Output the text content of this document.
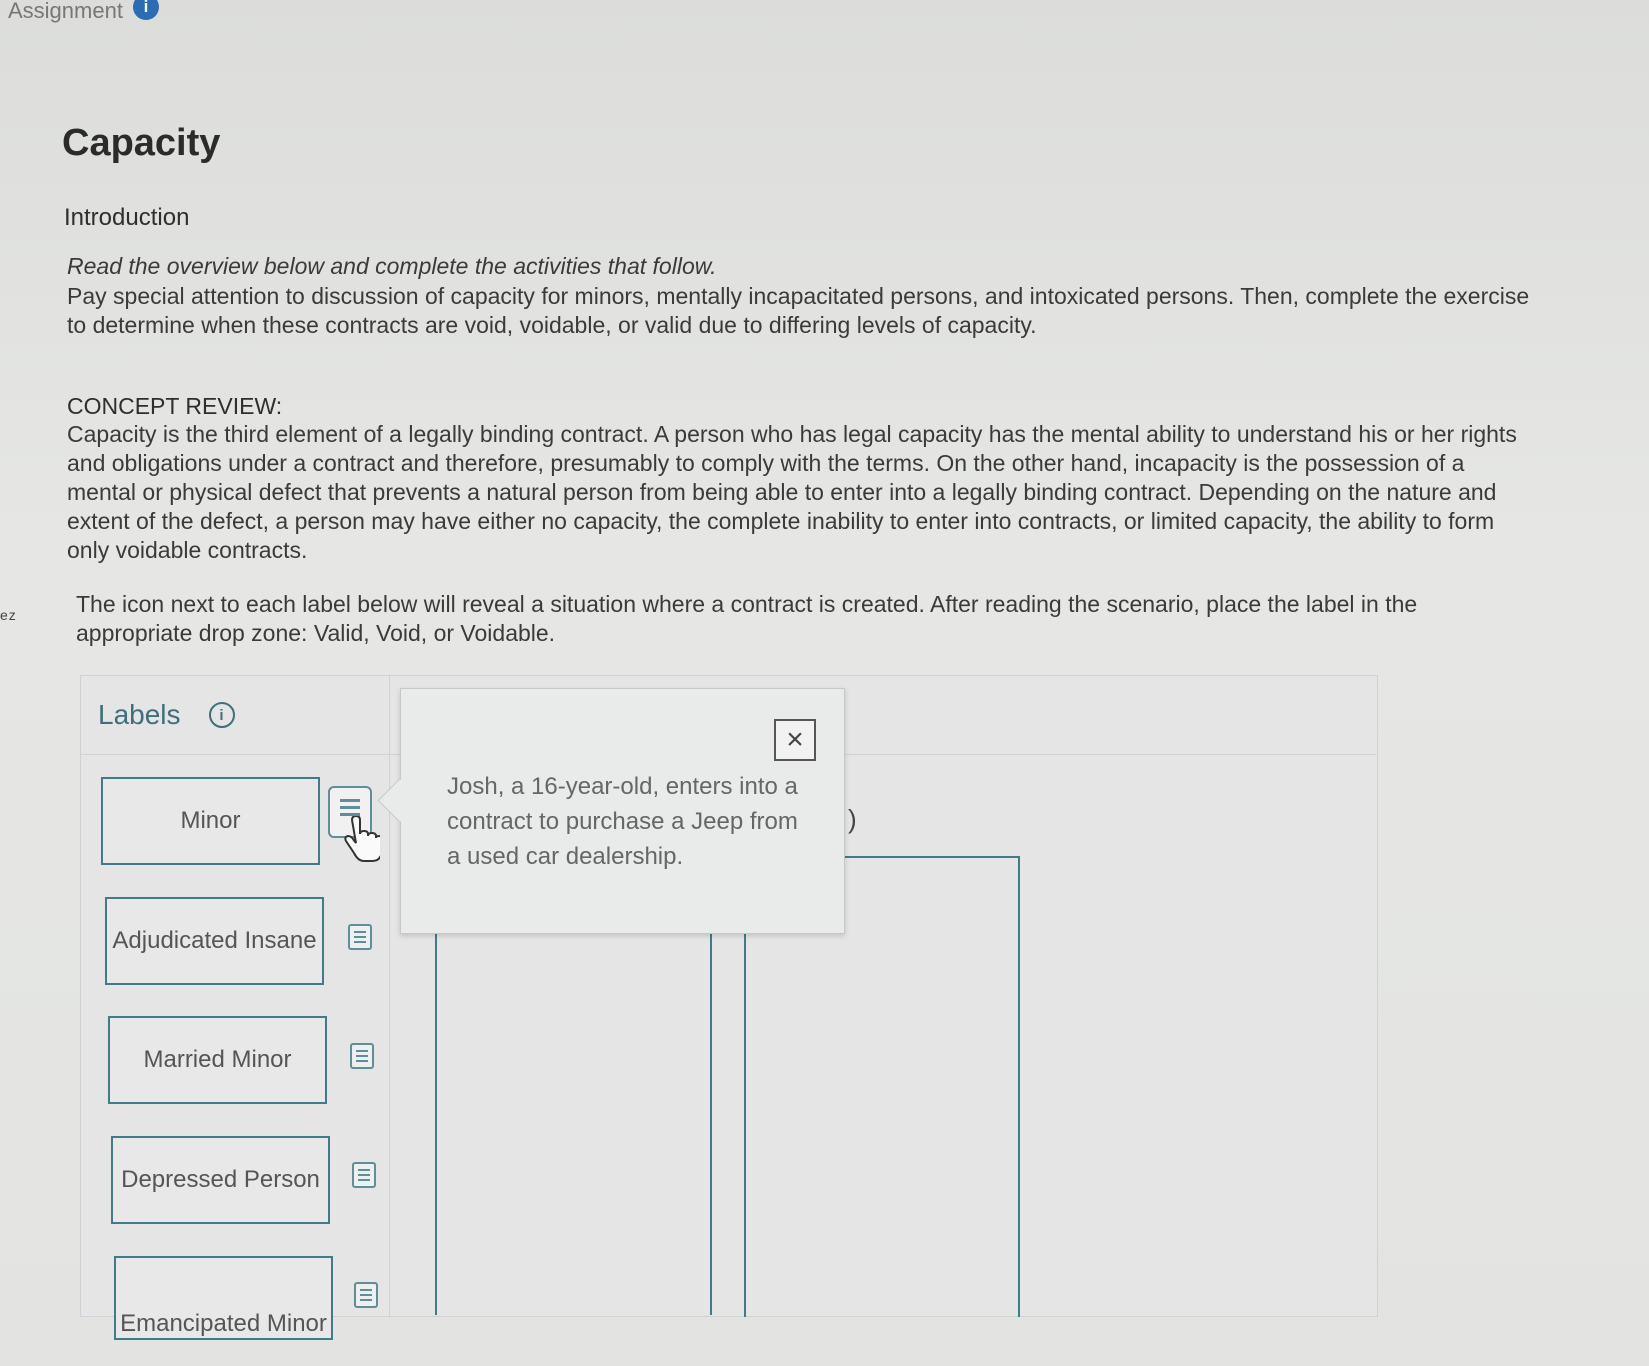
Assignment	i
ez
Capacity
Introduction
Read the overview below and complete the activities that follow.
Pay special attention to discussion of capacity for minors, mentally incapacitated persons, and intoxicated persons. Then, complete the exercise to determine when these contracts are void, voidable, or valid due to differing levels of capacity.
CONCEPT REVIEW:
Capacity is the third element of a legally binding contract. A person who has legal capacity has the mental ability to understand his or her rights and obligations under a contract and therefore, presumably to comply with the terms. On the other hand, incapacity is the possession of a mental or physical defect that prevents a natural person from being able to enter into a legally binding contract. Depending on the nature and extent of the defect, a person may have either no capacity, the complete inability to enter into contracts, or limited capacity, the ability to form only voidable contracts.
The icon next to each label below will reveal a situation where a contract is created. After reading the scenario, place the label in the appropriate drop zone: Valid, Void, or Voidable.
Labels	i
Minor
Adjudicated Insane
Married Minor
Depressed Person
Emancipated Minor
×
Josh, a 16-year-old, enters into a contract to purchase a Jeep from a used car dealership.
)
